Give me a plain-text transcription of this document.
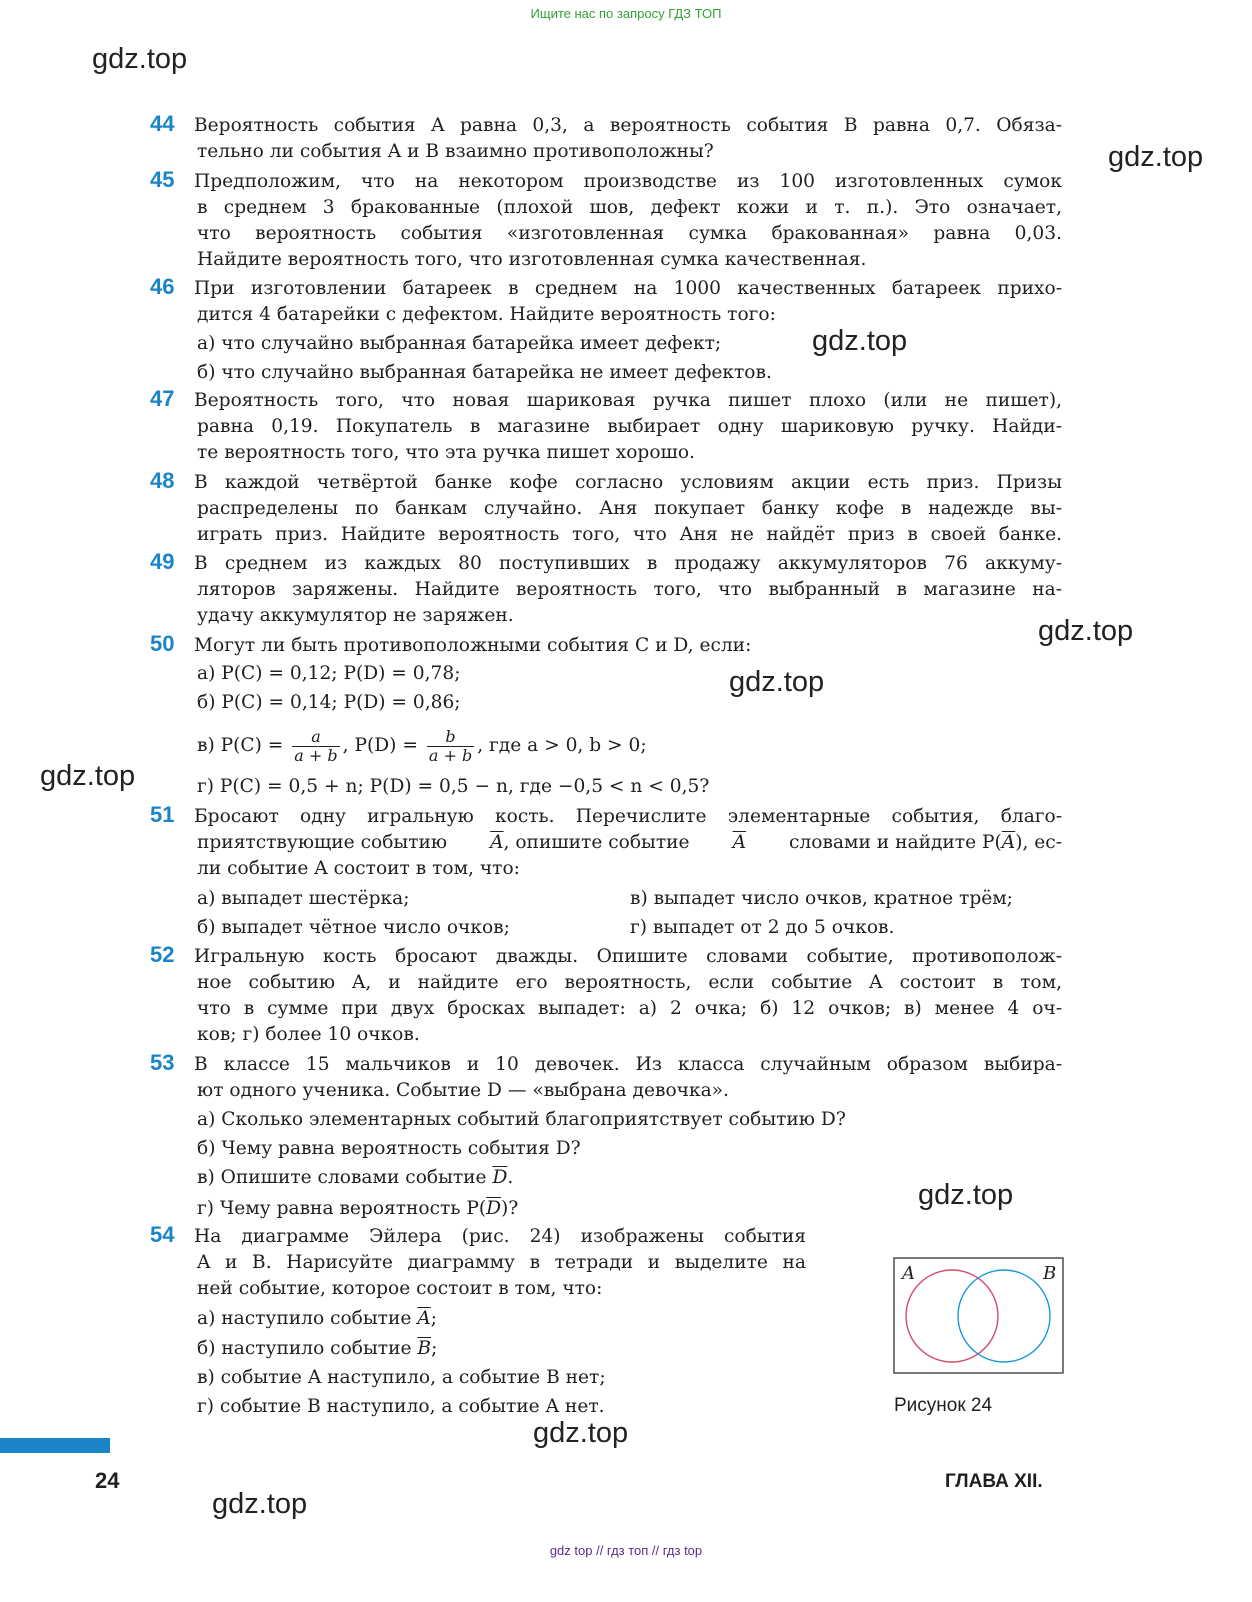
Ищите нас по запросу ГДЗ ТОП
gdz.top
gdz.top
gdz.top
gdz.top
gdz.top
gdz.top
gdz.top
gdz.top
gdz.top
44 Вероятность события A равна 0,3, а вероятность события B равна 0,7. Обяза-
тельно ли события A и B взаимно противоположны?
45 Предположим, что на некотором производстве из 100 изготовленных сумок
в среднем 3 бракованные (плохой шов, дефект кожи и т. п.). Это означает,
что вероятность события «изготовленная сумка бракованная» равна 0,03.
Найдите вероятность того, что изготовленная сумка качественная.
46 При изготовлении батареек в среднем на 1000 качественных батареек прихо-
дится 4 батарейки с дефектом. Найдите вероятность того:
а) что случайно выбранная батарейка имеет дефект;
б) что случайно выбранная батарейка не имеет дефектов.
47 Вероятность того, что новая шариковая ручка пишет плохо (или не пишет),
равна 0,19. Покупатель в магазине выбирает одну шариковую ручку. Найди-
те вероятность того, что эта ручка пишет хорошо.
48 В каждой четвёртой банке кофе согласно условиям акции есть приз. Призы
распределены по банкам случайно. Аня покупает банку кофе в надежде вы-
играть приз. Найдите вероятность того, что Аня не найдёт приз в своей банке.
49 В среднем из каждых 80 поступивших в продажу аккумуляторов 76 аккуму-
ляторов заряжены. Найдите вероятность того, что выбранный в магазине на-
удачу аккумулятор не заряжен.
50 Могут ли быть противоположными события C и D, если:
а) P(C) = 0,12; P(D) = 0,78;
б) P(C) = 0,14; P(D) = 0,86;
в) $P(C) = \frac{a}{a + b}$ , $P(D) = \frac{b}{a + b}$ , где a > 0, b > 0;
г) P(C) = 0,5 + n; P(D) = 0,5 − n, где −0,5 < n < 0,5?
51 Бросают одну игральную кость. Перечислите элементарные события, благо-
приятствующие событию $\overline{A}$, опишите событие $\overline{A}$ словами и найдите $P(\overline{A})$, ес-
ли событие A состоит в том, что:
а) выпадет шестёрка;
б) выпадет чётное число очков;
в) выпадет число очков, кратное трём;
г) выпадет от 2 до 5 очков.
52 Игральную кость бросают дважды. Опишите словами событие, противополож-
ное событию A, и найдите его вероятность, если событие A состоит в том,
что в сумме при двух бросках выпадет: а) 2 очка; б) 12 очков; в) менее 4 оч-
ков; г) более 10 очков.
53 В классе 15 мальчиков и 10 девочек. Из класса случайным образом выбира-
ют одного ученика. Событие D — «выбрана девочка».
а) Сколько элементарных событий благоприятствует событию D?
б) Чему равна вероятность события D?
в) Опишите словами событие $\overline{D}$.
г) Чему равна вероятность $P(\overline{D})$?
54 На диаграмме Эйлера (рис. 24) изображены события
A и B. Нарисуйте диаграмму в тетради и выделите на
ней событие, которое состоит в том, что:
а) наступило событие $\overline{A}$;
б) наступило событие $\overline{B}$;
в) событие A наступило, а событие B нет;
г) событие B наступило, а событие A нет.
A	B
Рисунок 24
24	ГЛАВА XII.
gdz top // гдз топ // гдз top
